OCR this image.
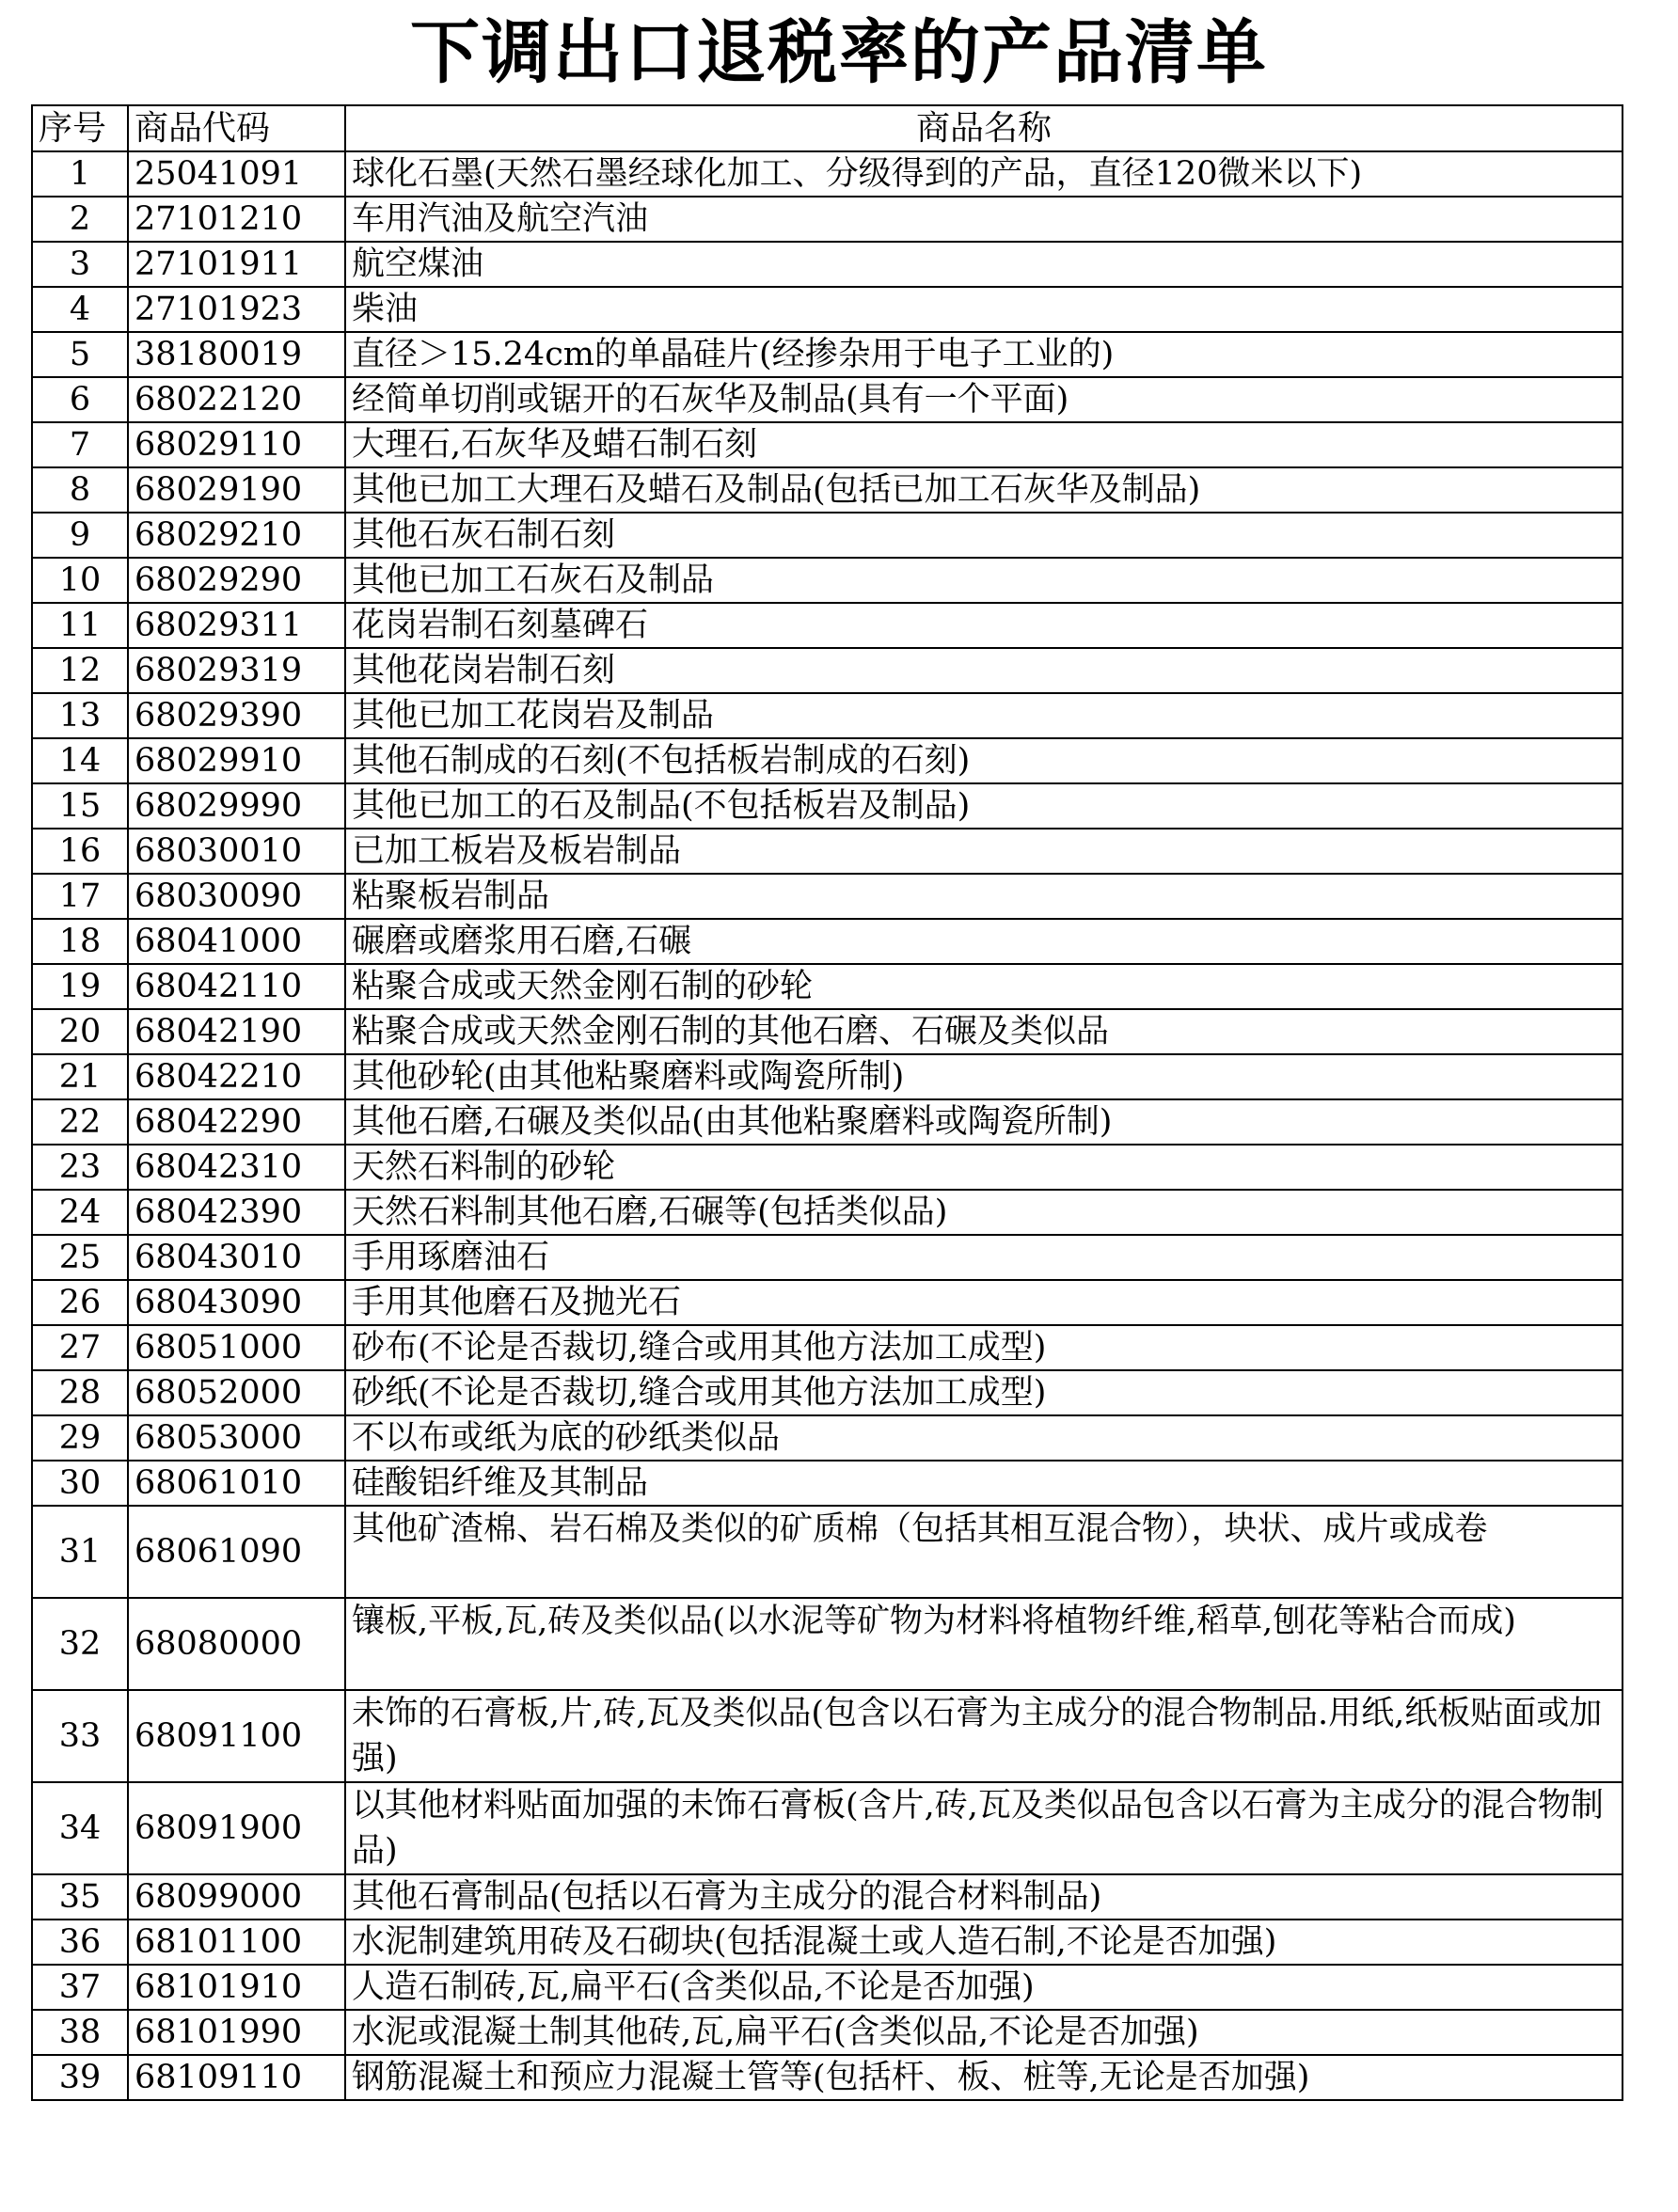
下调出口退税率的产品清单
序号	商品代码	商品名称
1	25041091	球化石墨(天然石墨经球化加工、分级得到的产品，直径120微米以下)
2	27101210	车用汽油及航空汽油
3	27101911	航空煤油
4	27101923	柴油
5	38180019	直径＞15.24cm的单晶硅片(经掺杂用于电子工业的)
6	68022120	经简单切削或锯开的石灰华及制品(具有一个平面)
7	68029110	大理石,石灰华及蜡石制石刻
8	68029190	其他已加工大理石及蜡石及制品(包括已加工石灰华及制品)
9	68029210	其他石灰石制石刻
10	68029290	其他已加工石灰石及制品
11	68029311	花岗岩制石刻墓碑石
12	68029319	其他花岗岩制石刻
13	68029390	其他已加工花岗岩及制品
14	68029910	其他石制成的石刻(不包括板岩制成的石刻)
15	68029990	其他已加工的石及制品(不包括板岩及制品)
16	68030010	已加工板岩及板岩制品
17	68030090	粘聚板岩制品
18	68041000	碾磨或磨浆用石磨,石碾
19	68042110	粘聚合成或天然金刚石制的砂轮
20	68042190	粘聚合成或天然金刚石制的其他石磨、石碾及类似品
21	68042210	其他砂轮(由其他粘聚磨料或陶瓷所制)
22	68042290	其他石磨,石碾及类似品(由其他粘聚磨料或陶瓷所制)
23	68042310	天然石料制的砂轮
24	68042390	天然石料制其他石磨,石碾等(包括类似品)
25	68043010	手用琢磨油石
26	68043090	手用其他磨石及抛光石
27	68051000	砂布(不论是否裁切,缝合或用其他方法加工成型)
28	68052000	砂纸(不论是否裁切,缝合或用其他方法加工成型)
29	68053000	不以布或纸为底的砂纸类似品
30	68061010	硅酸铝纤维及其制品
31	68061090	其他矿渣棉、岩石棉及类似的矿质棉（包括其相互混合物），块状、成片或成卷
32	68080000	镶板,平板,瓦,砖及类似品(以水泥等矿物为材料将植物纤维,稻草,刨花等粘合而成)
33	68091100	未饰的石膏板,片,砖,瓦及类似品(包含以石膏为主成分的混合物制品.用纸,纸板贴面或加强)
34	68091900	以其他材料贴面加强的未饰石膏板(含片,砖,瓦及类似品包含以石膏为主成分的混合物制品)
35	68099000	其他石膏制品(包括以石膏为主成分的混合材料制品)
36	68101100	水泥制建筑用砖及石砌块(包括混凝土或人造石制,不论是否加强)
37	68101910	人造石制砖,瓦,扁平石(含类似品,不论是否加强)
38	68101990	水泥或混凝土制其他砖,瓦,扁平石(含类似品,不论是否加强)
39	68109110	钢筋混凝土和预应力混凝土管等(包括杆、板、桩等,无论是否加强)
